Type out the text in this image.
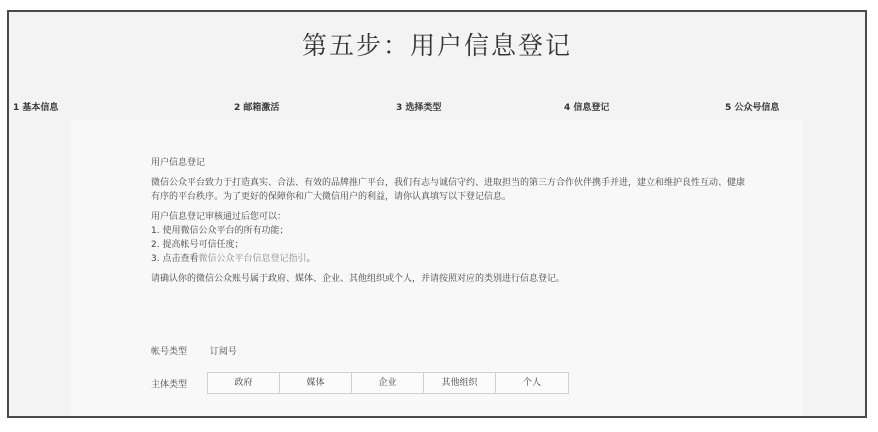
第五步：用户信息登记
1 基本信息	2 邮箱激活	3 选择类型	4 信息登记	5 公众号信息

用户信息登记

微信公众平台致力于打造真实、合法、有效的品牌推广平台，我们有志与诚信守约、进取担当的第三方合作伙伴携手并进，建立和维护良性互动、健康

有序的平台秩序。为了更好的保障你和广大微信用户的利益，请你认真填写以下登记信息。

用户信息登记审核通过后您可以：

1. 使用微信公众平台的所有功能；

2. 提高帐号可信任度；

3. 点击查看微信公众平台信息登记指引。

请确认你的微信公众账号属于政府、媒体、企业、其他组织或个人，并请按照对应的类别进行信息登记。

帐号类型	订阅号
主体类型	政府	媒体	企业	其他组织	个人
